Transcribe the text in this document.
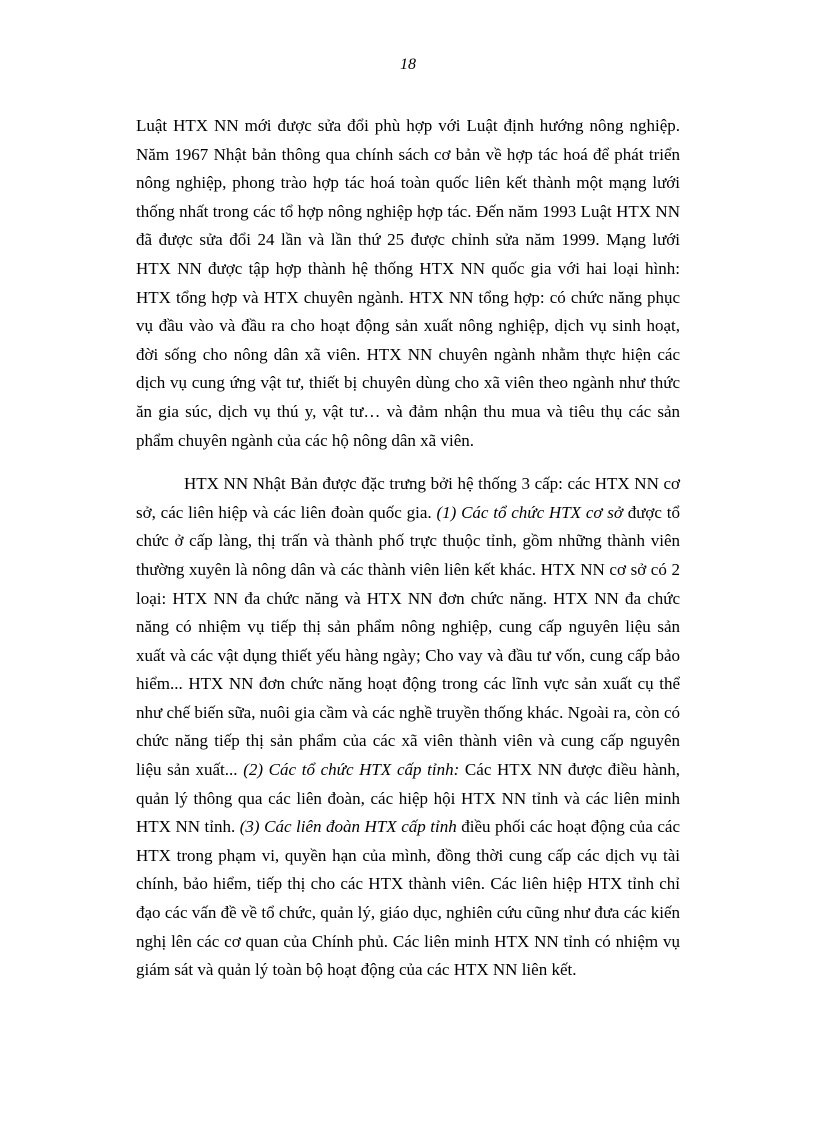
18

Luật HTX NN mới được sửa đổi phù hợp với Luật định hướng nông nghiệp. Năm 1967 Nhật bản thông qua chính sách cơ bản về hợp tác hoá để phát triển nông nghiệp, phong trào hợp tác hoá toàn quốc liên kết thành một mạng lưới thống nhất trong các tổ hợp nông nghiệp hợp tác. Đến năm 1993 Luật HTX NN đã được sửa đổi 24 lần và lần thứ 25 được chỉnh sửa năm 1999. Mạng lưới HTX NN được tập hợp thành hệ thống HTX NN quốc gia với hai loại hình: HTX tổng hợp và HTX chuyên ngành. HTX NN tổng hợp: có chức năng phục vụ đầu vào và đầu ra cho hoạt động sản xuất nông nghiệp, dịch vụ sinh hoạt, đời sống cho nông dân xã viên. HTX NN chuyên ngành nhằm thực hiện các dịch vụ cung ứng vật tư, thiết bị chuyên dùng cho xã viên theo ngành như thức ăn gia súc, dịch vụ thú y, vật tư… và đảm nhận thu mua và tiêu thụ các sản phẩm chuyên ngành của các hộ nông dân xã viên.

HTX NN Nhật Bản được đặc trưng bởi hệ thống 3 cấp: các HTX NN cơ sở, các liên hiệp và các liên đoàn quốc gia. (1) Các tổ chức HTX cơ sở được tổ chức ở cấp làng, thị trấn và thành phố trực thuộc tỉnh, gồm những thành viên thường xuyên là nông dân và các thành viên liên kết khác. HTX NN cơ sở có 2 loại: HTX NN đa chức năng và HTX NN đơn chức năng. HTX NN đa chức năng có nhiệm vụ tiếp thị sản phẩm nông nghiệp, cung cấp nguyên liệu sản xuất và các vật dụng thiết yếu hàng ngày; Cho vay và đầu tư vốn, cung cấp bảo hiểm... HTX NN đơn chức năng hoạt động trong các lĩnh vực sản xuất cụ thể như chế biến sữa, nuôi gia cầm và các nghề truyền thống khác. Ngoài ra, còn có chức năng tiếp thị sản phẩm của các xã viên thành viên và cung cấp nguyên liệu sản xuất... (2) Các tổ chức HTX cấp tỉnh: Các HTX NN được điều hành, quản lý thông qua các liên đoàn, các hiệp hội HTX NN tỉnh và các liên minh HTX NN tỉnh. (3) Các liên đoàn HTX cấp tỉnh điều phối các hoạt động của các HTX trong phạm vi, quyền hạn của mình, đồng thời cung cấp các dịch vụ tài chính, bảo hiểm, tiếp thị cho các HTX thành viên. Các liên hiệp HTX tỉnh chỉ đạo các vấn đề về tổ chức, quản lý, giáo dục, nghiên cứu cũng như đưa các kiến nghị lên các cơ quan của Chính phủ. Các liên minh HTX NN tỉnh có nhiệm vụ giám sát và quản lý toàn bộ hoạt động của các HTX NN liên kết.
